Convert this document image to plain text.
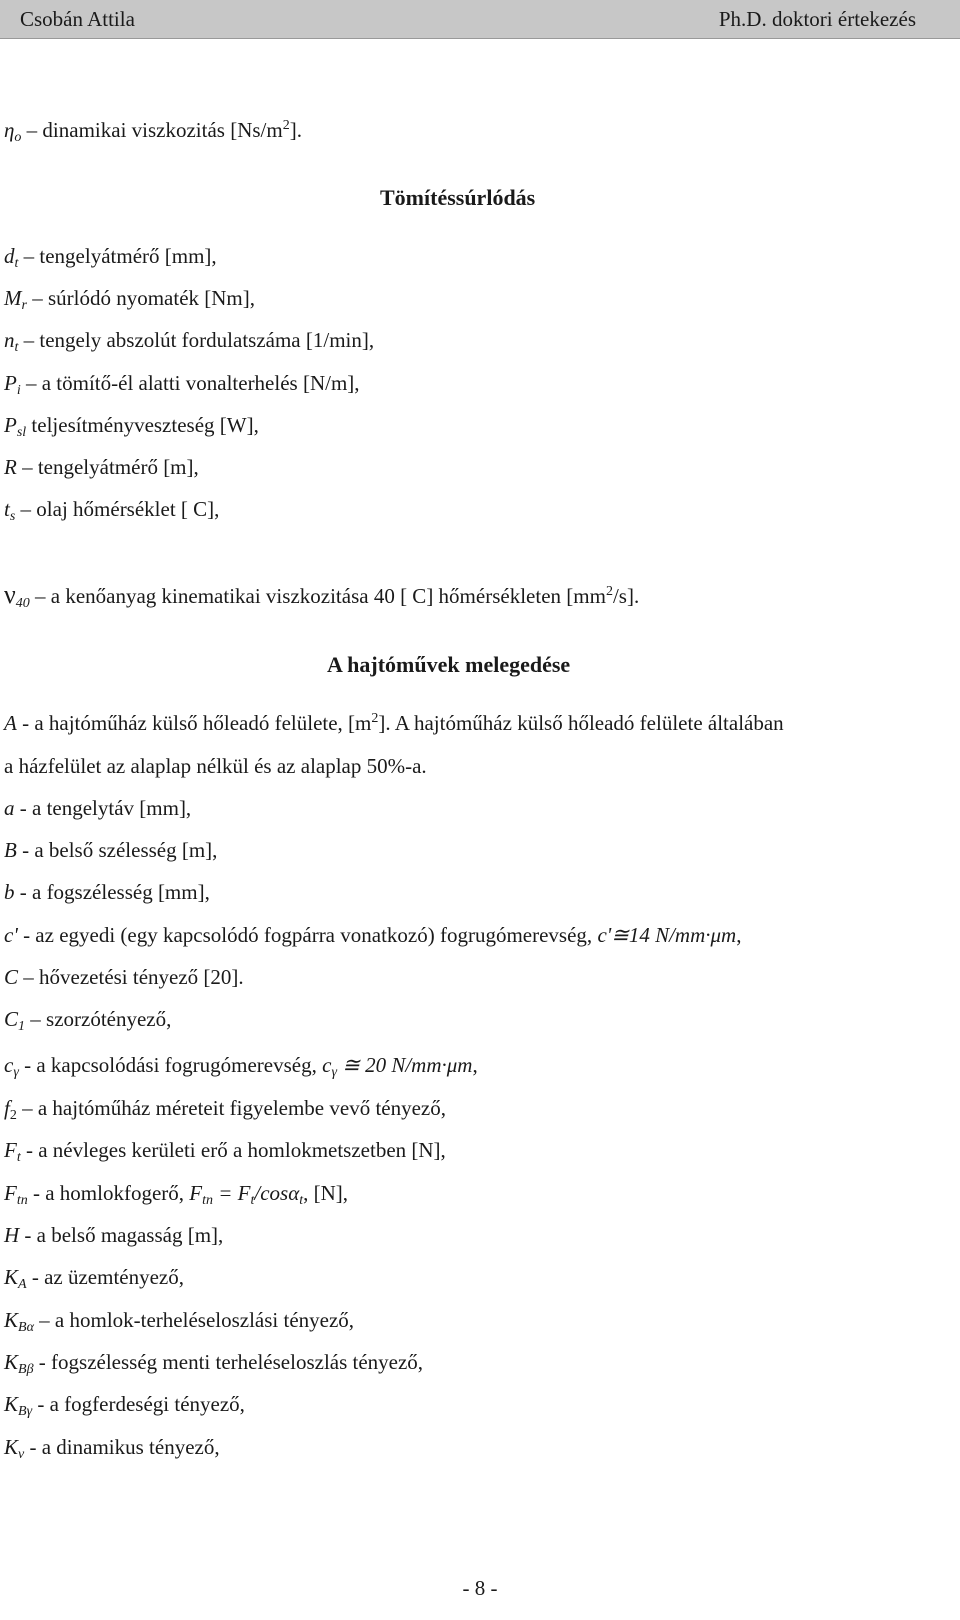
Csobán Attila	Ph.D. doktori értekezés
$\eta_o$ – dinamikai viszkozitás $[Ns/m^2]$.
Tömítéssúrlódás
$d_t$ – tengelyátmérő [mm],
$M_r$ – súrlódó nyomaték [Nm],
$n_t$ – tengely abszolút fordulatszáma [1/min],
$P_i$ – a tömítő-él alatti vonalterhelés [N/m],
$P_{sl}$ teljesítményveszteség [W],
R – tengelyátmérő [m],
$t_s$ – olaj hőmérséklet [ C],
$\nu_{40}$ – a kenőanyag kinematikai viszkozitása 40 [ C] hőmérsékleten $[mm^2/s]$.
A hajtóművek melegedése
A - a hajtóműház külső hőleadó felülete, $[m^2]$. A hajtóműház külső hőleadó felülete általában
a házfelület az alaplap nélkül és az alaplap 50%-a.
a - a tengelytáv [mm],
B - a belső szélesség [m],
b - a fogszélesség [mm],
c' - az egyedi (egy kapcsolódó fogpárra vonatkozó) fogrugómerevség, c'≅14 N/mm·μm,
C – hővezetési tényező [20].
$C_1$ – szorzótényező,
$c_\gamma$ - a kapcsolódási fogrugómerevség, $c_\gamma$ ≅ 20 N/mm·μm,
$f_2$ – a hajtóműház méreteit figyelembe vevő tényező,
$F_t$ - a névleges kerületi erő a homlokmetszetben [N],
$F_{tn}$ - a homlokfogerő, $F_{tn} = F_t/\cos\alpha_t$, [N],
H - a belső magasság [m],
$K_A$ - az üzemtényező,
$K_{B\alpha}$ – a homlok-terheléseloszlási tényező,
$K_{B\beta}$ - fogszélesség menti terheléseloszlás tényező,
$K_{B\gamma}$ - a fogferdeségi tényező,
$K_v$ - a dinamikus tényező,
- 8 -
